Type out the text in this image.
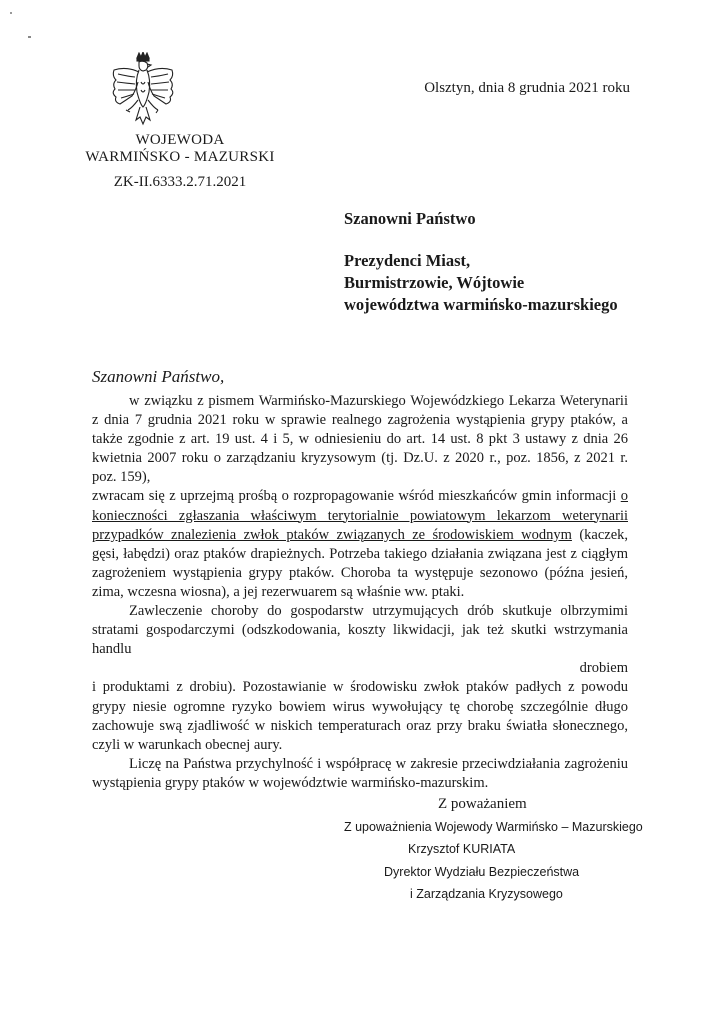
WOJEWODA
WARMIŃSKO - MAZURSKI
ZK-II.6333.2.71.2021
Olsztyn, dnia 8 grudnia 2021 roku
Szanowni Państwo
Prezydenci Miast,
Burmistrzowie, Wójtowie
województwa warmińsko-mazurskiego
Szanowni Państwo,

w związku z pismem Warmińsko-Mazurskiego Wojewódzkiego Lekarza Weterynarii z dnia 7 grudnia 2021 roku w sprawie realnego zagrożenia wystąpienia grypy ptaków, a także zgodnie z art. 19 ust. 4 i 5, w odniesieniu do art. 14 ust. 8 pkt 3 ustawy z dnia 26 kwietnia 2007 roku o zarządzaniu kryzysowym (tj. Dz.U. z 2020 r., poz. 1856, z 2021 r. poz. 159),

zwracam się z uprzejmą prośbą o rozpropagowanie wśród mieszkańców gmin informacji o konieczności zgłaszania właściwym terytorialnie powiatowym lekarzom weterynarii przypadków znalezienia zwłok ptaków związanych ze środowiskiem wodnym (kaczek, gęsi, łabędzi) oraz ptaków drapieżnych. Potrzeba takiego działania związana jest z ciągłym zagrożeniem wystąpienia grypy ptaków. Choroba ta występuje sezonowo (późna jesień, zima, wczesna wiosna), a jej rezerwuarem są właśnie ww. ptaki.

Zawleczenie choroby do gospodarstw utrzymujących drób skutkuje olbrzymimi stratami gospodarczymi (odszkodowania, koszty likwidacji, jak też skutki wstrzymania handlu
drobiem
i produktami z drobiu). Pozostawianie w środowisku zwłok ptaków padłych z powodu grypy niesie ogromne ryzyko bowiem wirus wywołujący tę chorobę szczególnie długo zachowuje swą zjadliwość w niskich temperaturach oraz przy braku światła słonecznego, czyli w warunkach obecnej aury.

Liczę na Państwa przychylność i współpracę w zakresie przeciwdziałania zagrożeniu wystąpienia grypy ptaków w województwie warmińsko-mazurskim.

Z poważaniem
Z upoważnienia Wojewody Warmińsko – Mazurskiego
Krzysztof KURIATA
Dyrektor Wydziału Bezpieczeństwa
i Zarządzania Kryzysowego
